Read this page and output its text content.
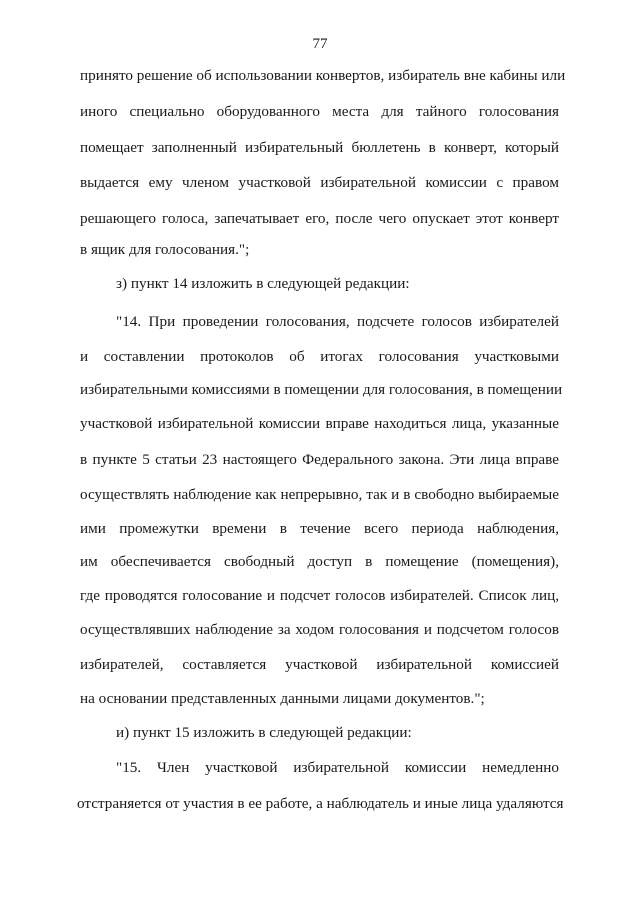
77
принято решение об использовании конвертов, избиратель вне кабины или
иного специально оборудованного места для тайного голосования
помещает заполненный избирательный бюллетень в конверт, который
выдается ему членом участковой избирательной комиссии с правом
решающего голоса, запечатывает его, после чего опускает этот конверт
в ящик для голосования.";
з) пункт 14 изложить в следующей редакции:
"14. При проведении голосования, подсчете голосов избирателей
и составлении протоколов об итогах голосования участковыми
избирательными комиссиями в помещении для голосования, в помещении
участковой избирательной комиссии вправе находиться лица, указанные
в пункте 5 статьи 23 настоящего Федерального закона. Эти лица вправе
осуществлять наблюдение как непрерывно, так и в свободно выбираемые
ими промежутки времени в течение всего периода наблюдения,
им обеспечивается свободный доступ в помещение (помещения),
где проводятся голосование и подсчет голосов избирателей. Список лиц,
осуществлявших наблюдение за ходом голосования и подсчетом голосов
избирателей, составляется участковой избирательной комиссией
на основании представленных данными лицами документов.";
и) пункт 15 изложить в следующей редакции:
"15. Член участковой избирательной комиссии немедленно
отстраняется от участия в ее работе, а наблюдатель и иные лица удаляются
